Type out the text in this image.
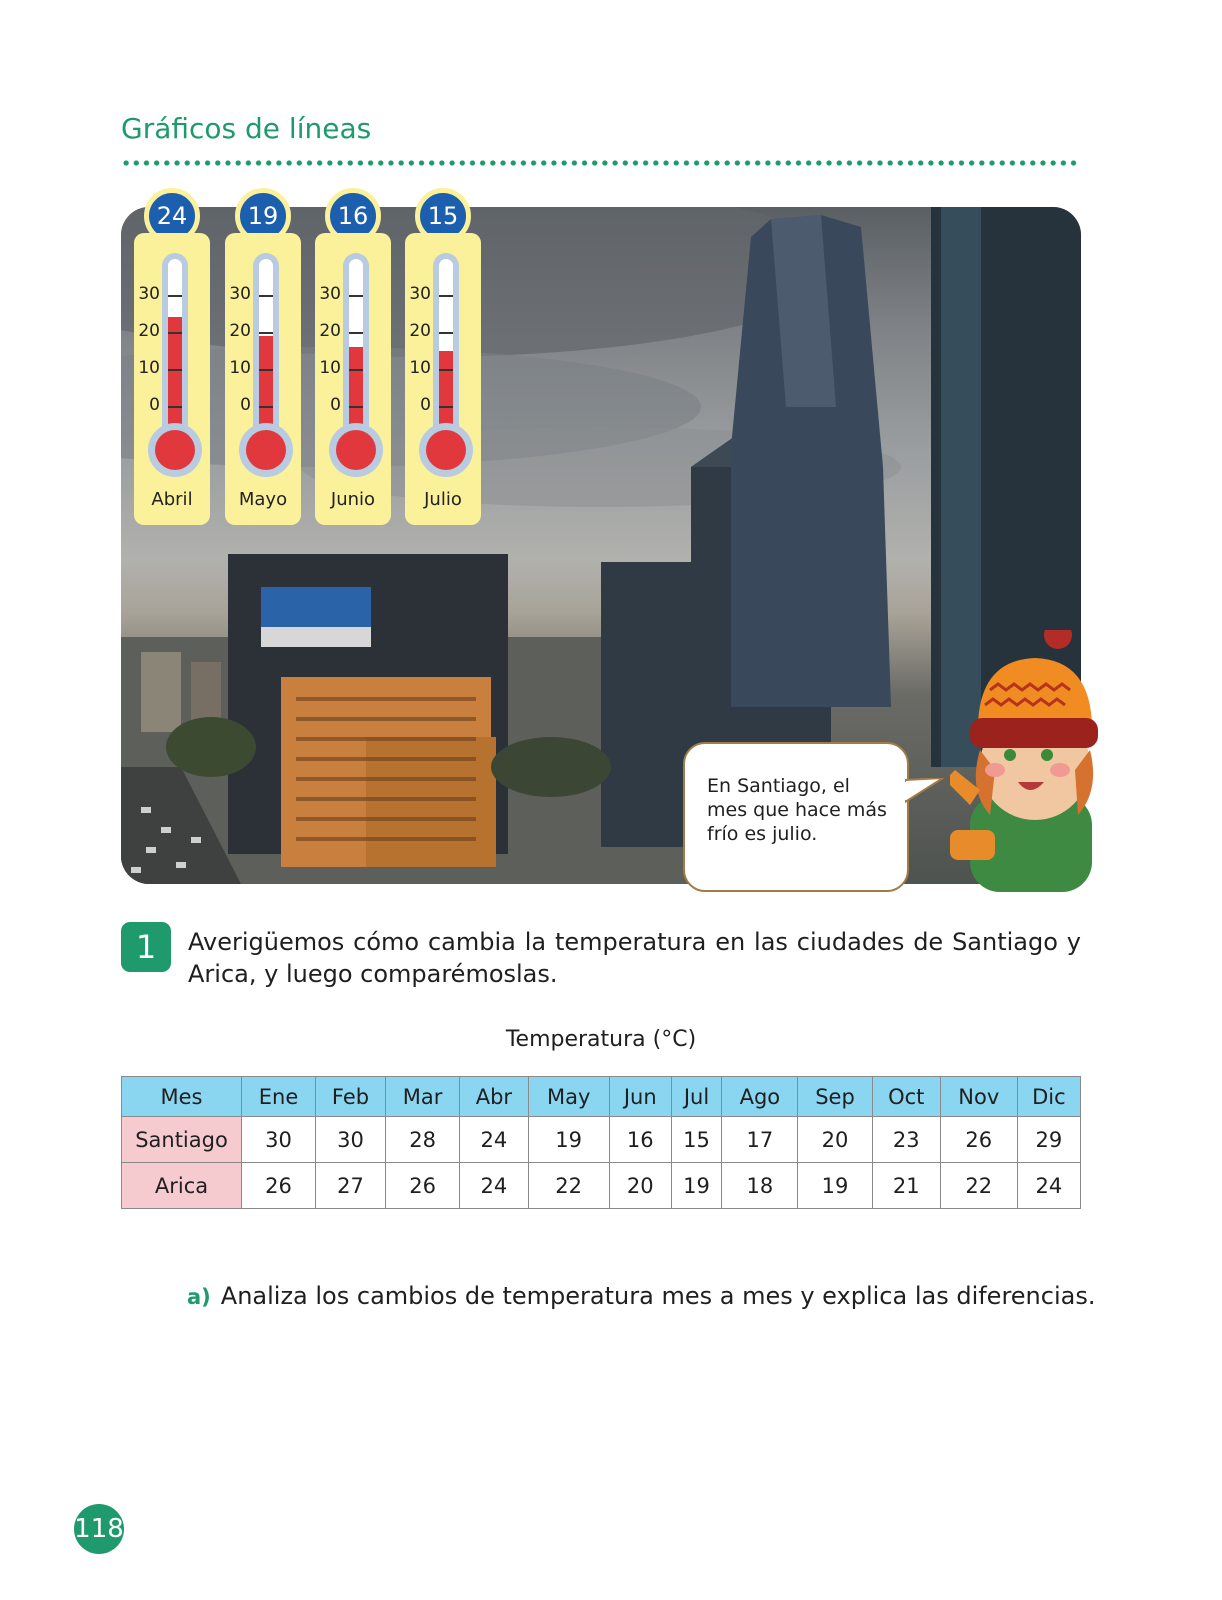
Gráficos de líneas
24
30
20
10
0
Abril
19
30
20
10
0
Mayo
16
30
20
10
0
Junio
15
30
20
10
0
Julio
En Santiago, el mes que hace más frío es julio.
1	Averigüemos cómo cambia la temperatura en las ciudades de Santiago y Arica, y luego comparémoslas.
Temperatura (°C)
Mes	Ene	Feb	Mar	Abr	May	Jun	Jul	Ago	Sep	Oct	Nov	Dic
Santiago	30	30	28	24	19	16	15	17	20	23	26	29
Arica	26	27	26	24	22	20	19	18	19	21	22	24
a) Analiza los cambios de temperatura mes a mes y explica las diferencias.
118
